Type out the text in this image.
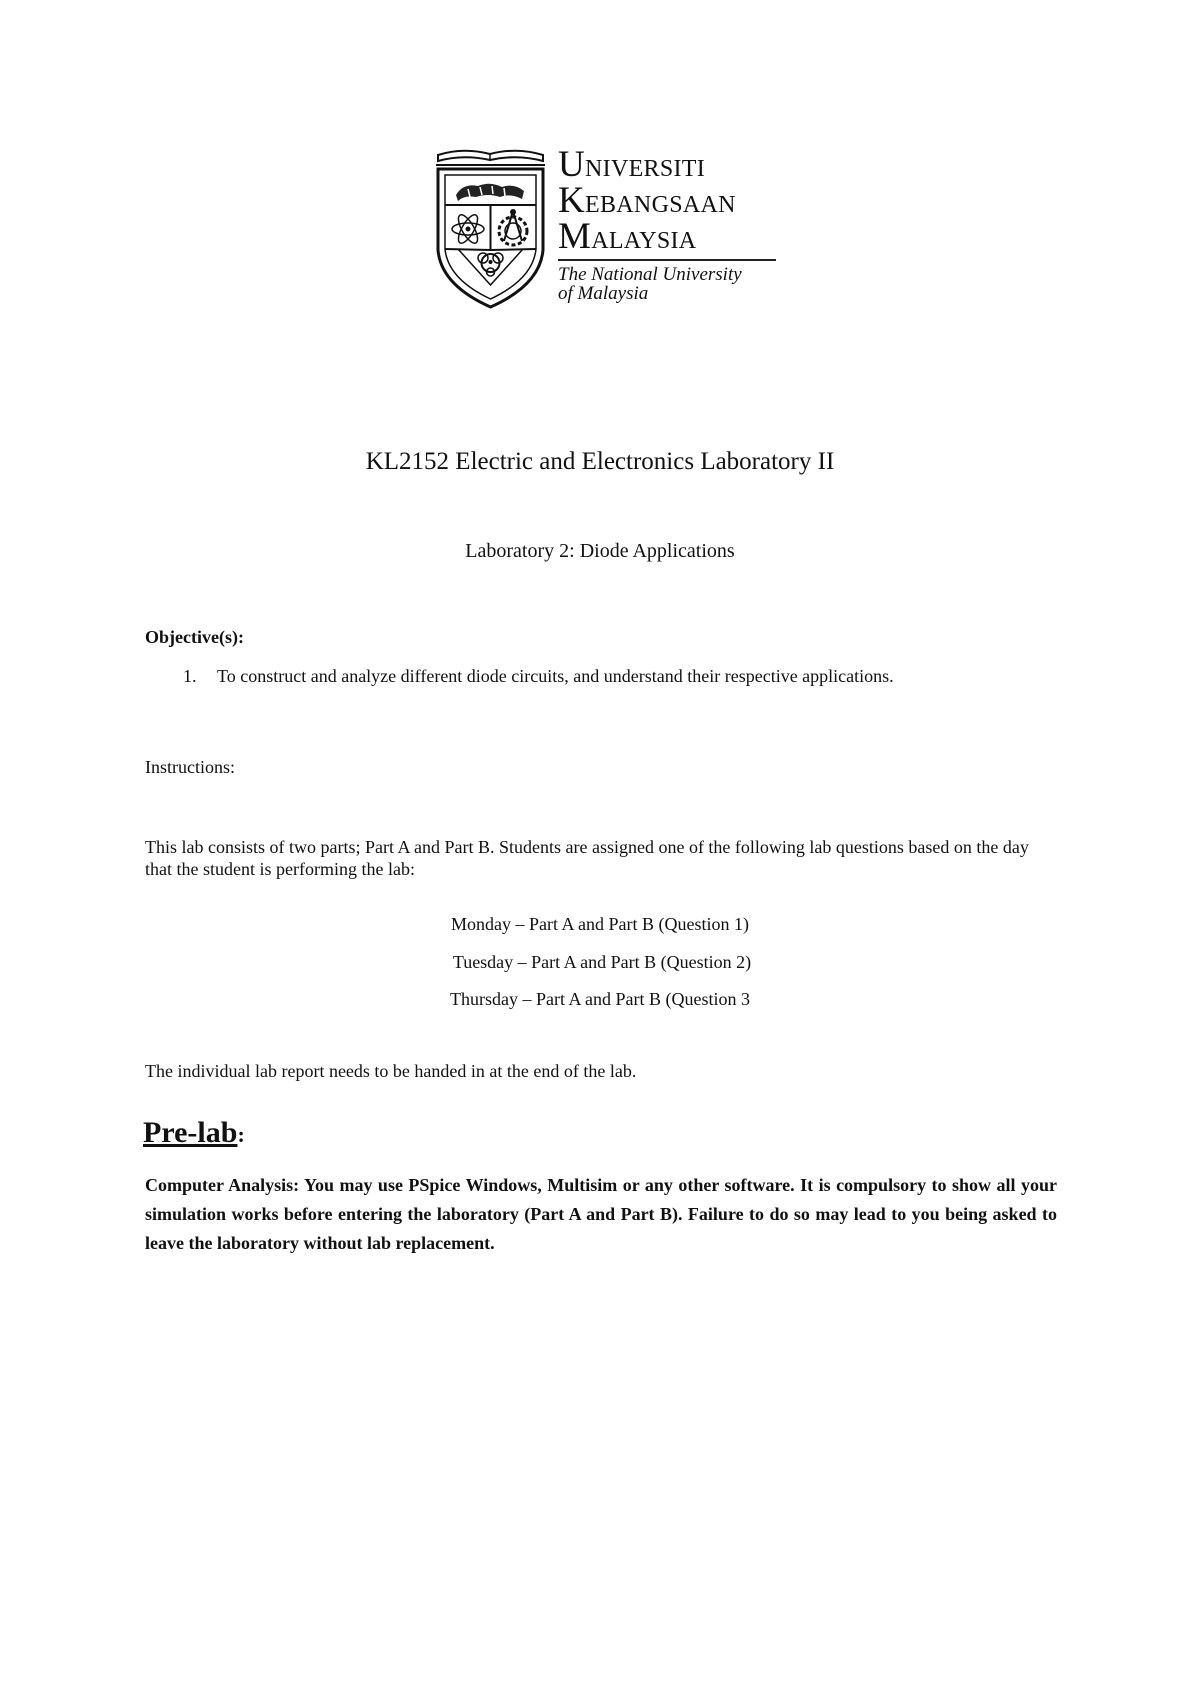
UNIVERSITI
KEBANGSAAN
MALAYSIA
The National University
of Malaysia
KL2152 Electric and Electronics Laboratory II
Laboratory 2: Diode Applications
Objective(s):
1. To construct and analyze different diode circuits, and understand their respective applications.
Instructions:
This lab consists of two parts; Part A and Part B. Students are assigned one of the following lab questions based on the day that the student is performing the lab:
Monday – Part A and Part B (Question 1)
Tuesday – Part A and Part B (Question 2)
Thursday – Part A and Part B (Question 3
The individual lab report needs to be handed in at the end of the lab.
Pre-lab:
Computer Analysis: You may use PSpice Windows, Multisim or any other software. It is compulsory to show all your simulation works before entering the laboratory (Part A and Part B). Failure to do so may lead to you being asked to leave the laboratory without lab replacement.
